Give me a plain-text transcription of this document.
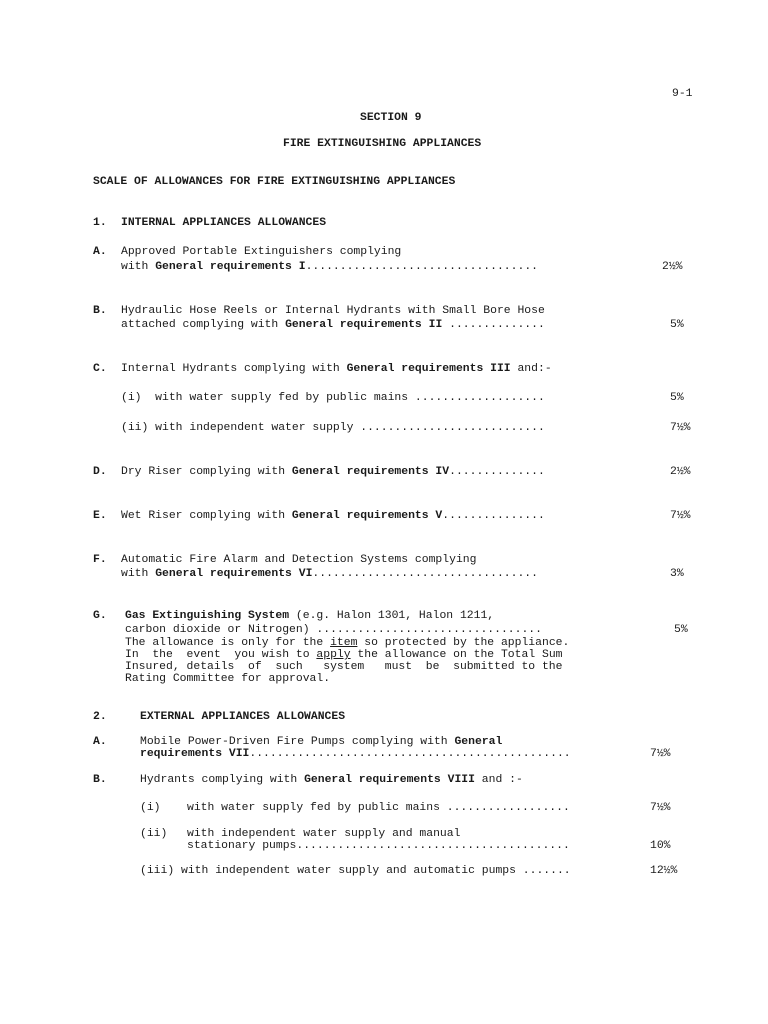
9-1
SECTION 9
FIRE EXTINGUISHING APPLIANCES
SCALE OF ALLOWANCES FOR FIRE EXTINGUISHING APPLIANCES
1. INTERNAL APPLIANCES ALLOWANCES
A. Approved Portable Extinguishers complying
with General requirements I..................................	2½%
B. Hydraulic Hose Reels or Internal Hydrants with Small Bore Hose
attached complying with General requirements II ..............	5%
C. Internal Hydrants complying with General requirements III and:-
(i)  with water supply fed by public mains ...................	5%
(ii) with independent water supply ...........................	7½%
D. Dry Riser complying with General requirements IV..............	2½%
E. Wet Riser complying with General requirements V...............	7½%
F. Automatic Fire Alarm and Detection Systems complying
with General requirements VI.................................	3%
G. Gas Extinguishing System (e.g. Halon 1301, Halon 1211,
carbon dioxide or Nitrogen) .................................	5%
The allowance is only for the item so protected by the appliance.
In  the  event  you wish to apply the allowance on the Total Sum
Insured, details  of  such   system   must  be  submitted to the
Rating Committee for approval.
2.	EXTERNAL APPLIANCES ALLOWANCES
A.	Mobile Power-Driven Fire Pumps complying with General
requirements VII...............................................	7½%
B.	Hydrants complying with General requirements VIII and :-
(i) with water supply fed by public mains ..................	7½%
(ii) with independent water supply and manual
stationary pumps........................................	10%
(iii) with independent water supply and automatic pumps .......	12½%
